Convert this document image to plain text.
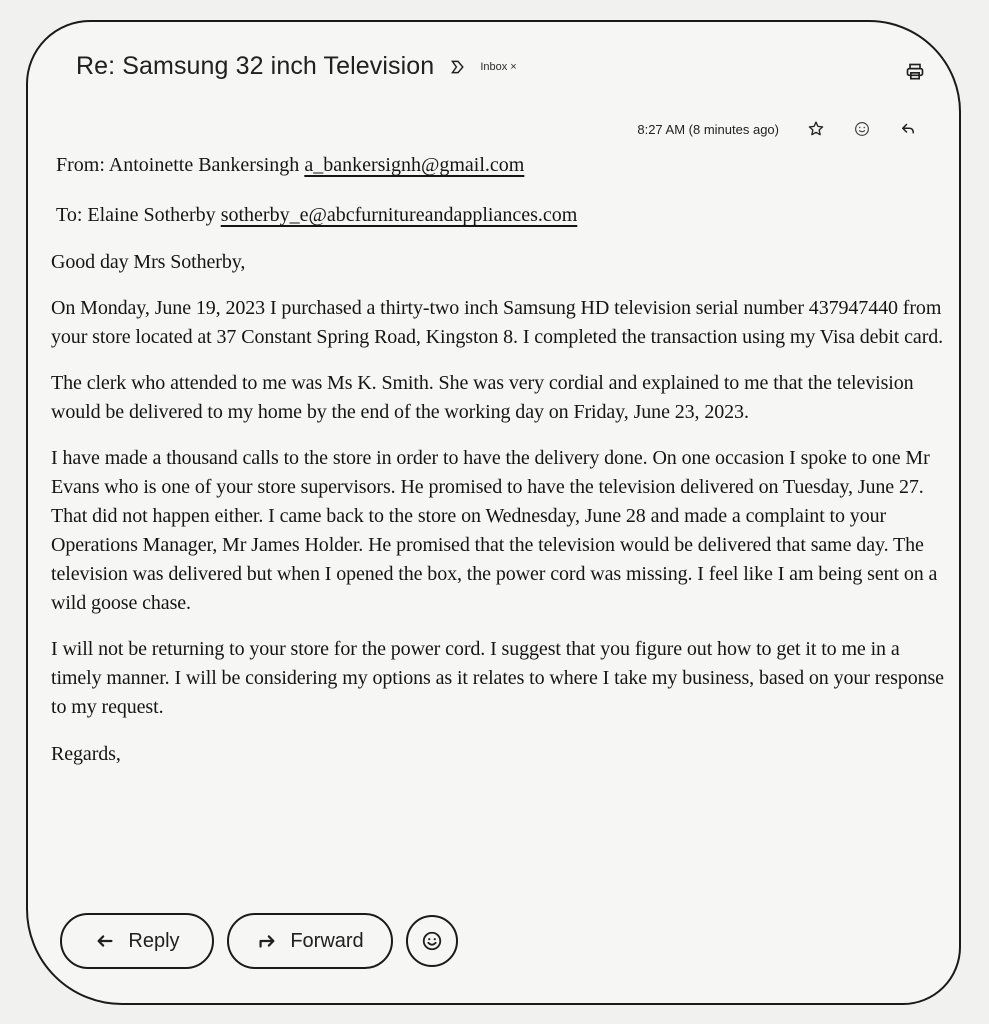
Re: Samsung 32 inch Television	Inbox ×
8:27 AM (8 minutes ago)
From: Antoinette Bankersingh a_bankersignh@gmail.com
To: Elaine Sotherby sotherby_e@abcfurnitureandappliances.com

Good day Mrs Sotherby,

On Monday, June 19, 2023 I purchased a thirty-two inch Samsung HD television serial number 437947440 from your store located at 37 Constant Spring Road, Kingston 8. I completed the transaction using my Visa debit card.

The clerk who attended to me was Ms K. Smith. She was very cordial and explained to me that the television would be delivered to my home by the end of the working day on Friday, June 23, 2023.

I have made a thousand calls to the store in order to have the delivery done. On one occasion I spoke to one Mr Evans who is one of your store supervisors. He promised to have the television delivered on Tuesday, June 27. That did not happen either. I came back to the store on Wednesday, June 28 and made a complaint to your Operations Manager, Mr James Holder. He promised that the television would be delivered that same day. The television was delivered but when I opened the box, the power cord was missing. I feel like I am being sent on a wild goose chase.

I will not be returning to your store for the power cord. I suggest that you figure out how to get it to me in a timely manner. I will be considering my options as it relates to where I take my business, based on your response to my request.

Regards,

Reply	Forward
